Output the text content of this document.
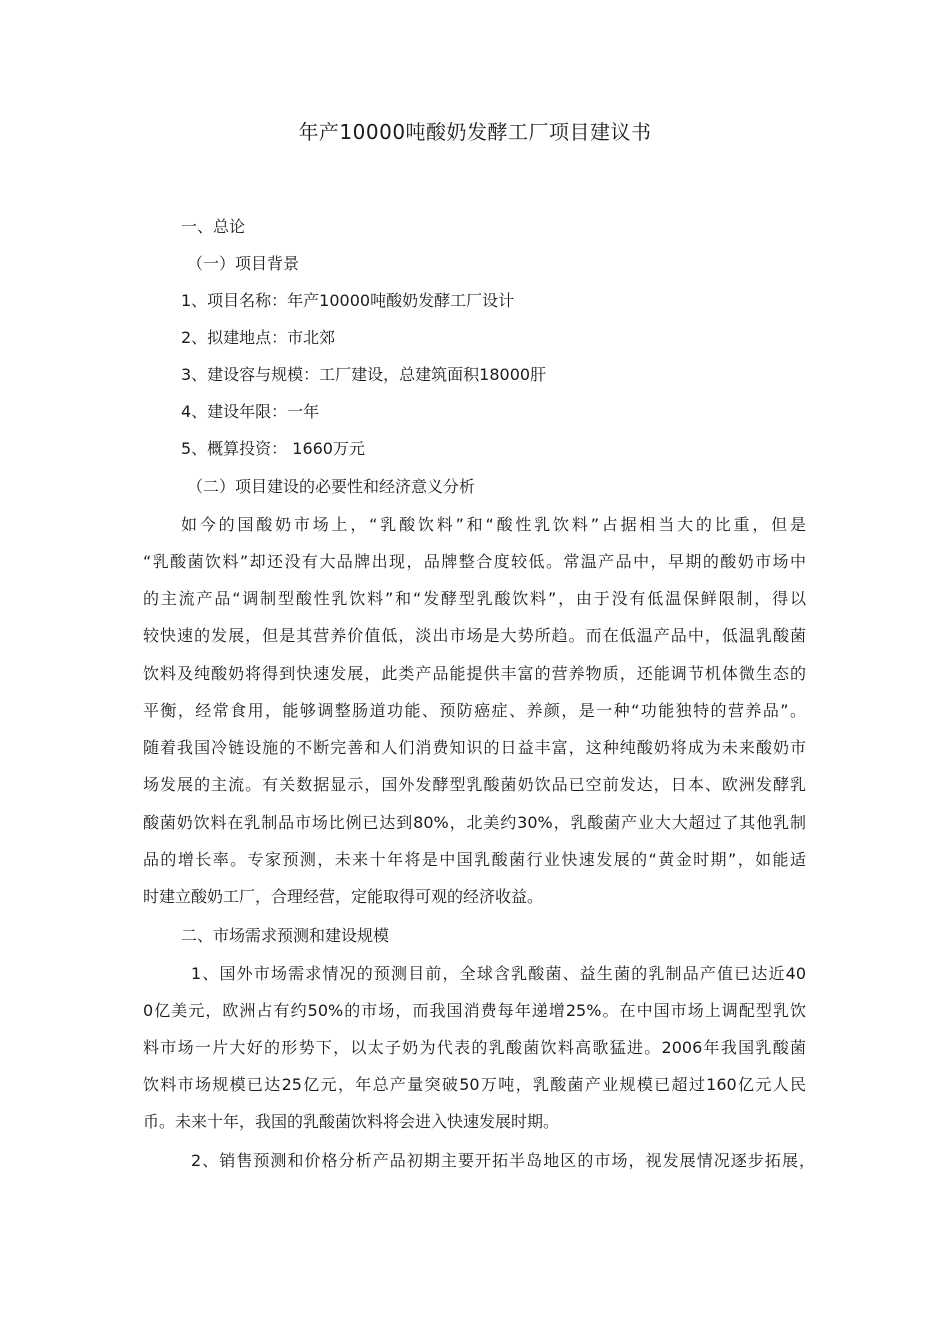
年产10000吨酸奶发酵工厂项目建议书
一、总论
（一）项目背景
1、项目名称：年产10000吨酸奶发酵工厂设计
2、拟建地点：市北郊
3、建设容与规模：工厂建设，总建筑面积18000肝
4、建设年限：一年
5、概算投资： 1660万元
（二）项目建设的必要性和经济意义分析
如今的国酸奶市场上，“乳酸饮料”和“酸性乳饮料”占据相当大的比重，但是
“乳酸菌饮料”却还没有大品牌出现，品牌整合度较低。常温产品中，早期的酸奶市场中
的主流产品“调制型酸性乳饮料”和“发酵型乳酸饮料”，由于没有低温保鲜限制，得以
较快速的发展，但是其营养价值低，淡出市场是大势所趋。而在低温产品中，低温乳酸菌
饮料及纯酸奶将得到快速发展，此类产品能提供丰富的营养物质，还能调节机体微生态的
平衡，经常食用，能够调整肠道功能、预防癌症、养颜，是一种“功能独特的营养品”。
随着我国冷链设施的不断完善和人们消费知识的日益丰富，这种纯酸奶将成为未来酸奶市
场发展的主流。有关数据显示，国外发酵型乳酸菌奶饮品已空前发达，日本、欧洲发酵乳
酸菌奶饮料在乳制品市场比例已达到80%，北美约30%，乳酸菌产业大大超过了其他乳制
品的增长率。专家预测，未来十年将是中国乳酸菌行业快速发展的“黄金时期”，如能适
时建立酸奶工厂，合理经营，定能取得可观的经济收益。
二、市场需求预测和建设规模
1、国外市场需求情况的预测目前，全球含乳酸菌、益生菌的乳制品产值已达近40
0亿美元，欧洲占有约50%的市场，而我国消费每年递增25%。在中国市场上调配型乳饮
料市场一片大好的形势下，以太子奶为代表的乳酸菌饮料高歌猛进。2006年我国乳酸菌
饮料市场规模已达25亿元，年总产量突破50万吨，乳酸菌产业规模已超过160亿元人民
币。未来十年，我国的乳酸菌饮料将会进入快速发展时期。
2、销售预测和价格分析产品初期主要开拓半岛地区的市场，视发展情况逐步拓展，
